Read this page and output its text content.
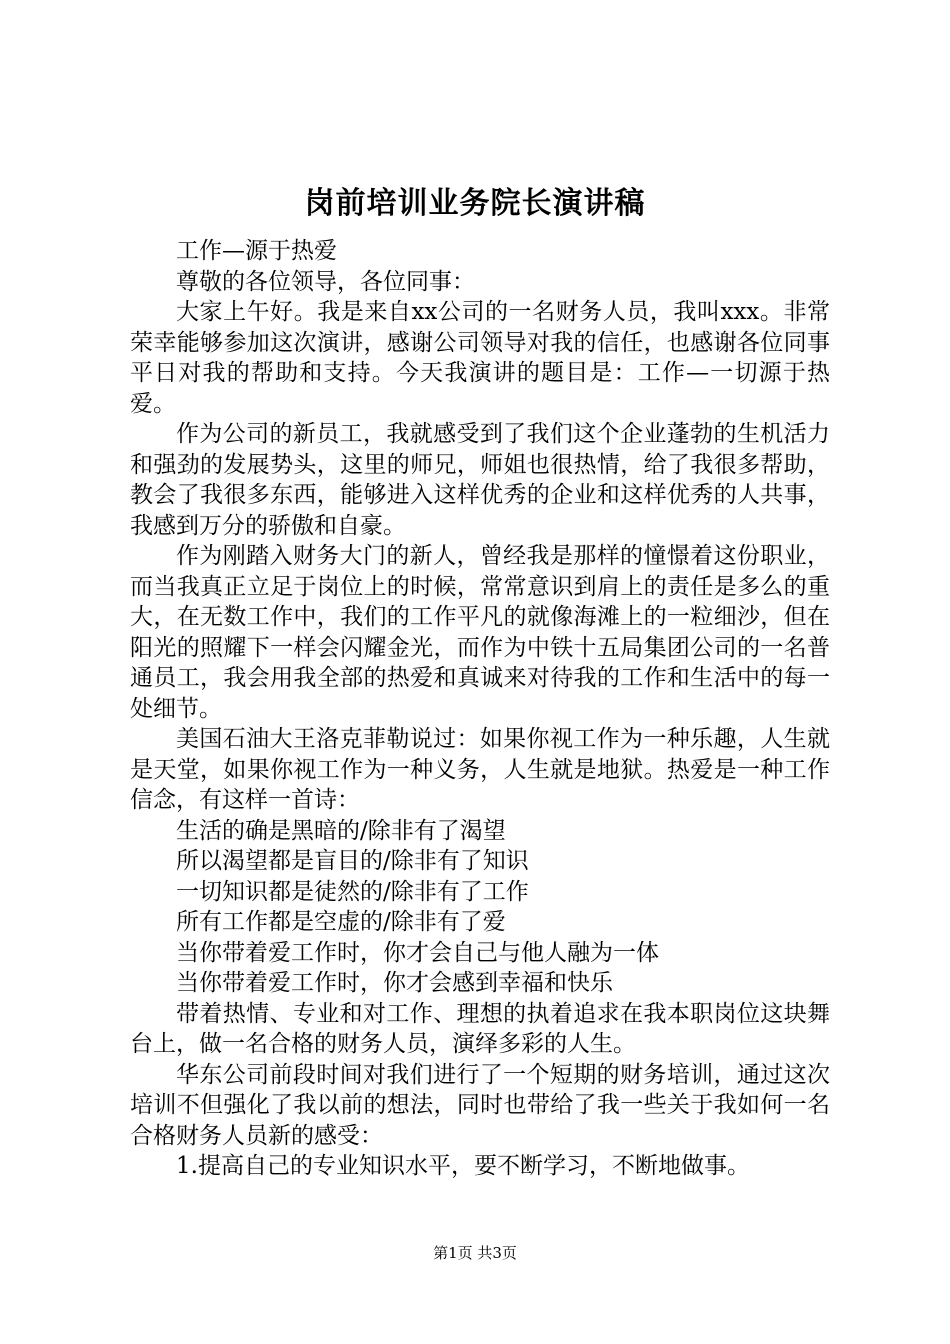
岗前培训业务院长演讲稿

工作—源于热爱

尊敬的各位领导，各位同事：

大家上午好。我是来自xx公司的一名财务人员，我叫xxx。非常荣幸能够参加这次演讲，感谢公司领导对我的信任，也感谢各位同事平日对我的帮助和支持。今天我演讲的题目是：工作—一切源于热爱。

作为公司的新员工，我就感受到了我们这个企业蓬勃的生机活力和强劲的发展势头，这里的师兄，师姐也很热情，给了我很多帮助，教会了我很多东西，能够进入这样优秀的企业和这样优秀的人共事，我感到万分的骄傲和自豪。

作为刚踏入财务大门的新人，曾经我是那样的憧憬着这份职业，而当我真正立足于岗位上的时候，常常意识到肩上的责任是多么的重大，在无数工作中，我们的工作平凡的就像海滩上的一粒细沙，但在阳光的照耀下一样会闪耀金光，而作为中铁十五局集团公司的一名普通员工，我会用我全部的热爱和真诚来对待我的工作和生活中的每一处细节。

美国石油大王洛克菲勒说过：如果你视工作为一种乐趣，人生就是天堂，如果你视工作为一种义务，人生就是地狱。热爱是一种工作信念，有这样一首诗：

生活的确是黑暗的/除非有了渴望

所以渴望都是盲目的/除非有了知识

一切知识都是徒然的/除非有了工作

所有工作都是空虚的/除非有了爱

当你带着爱工作时，你才会自己与他人融为一体

当你带着爱工作时，你才会感到幸福和快乐

带着热情、专业和对工作、理想的执着追求在我本职岗位这块舞台上，做一名合格的财务人员，演绎多彩的人生。

华东公司前段时间对我们进行了一个短期的财务培训，通过这次培训不但强化了我以前的想法，同时也带给了我一些关于我如何一名合格财务人员新的感受：

1.提高自己的专业知识水平，要不断学习，不断地做事。

第1页 共3页
